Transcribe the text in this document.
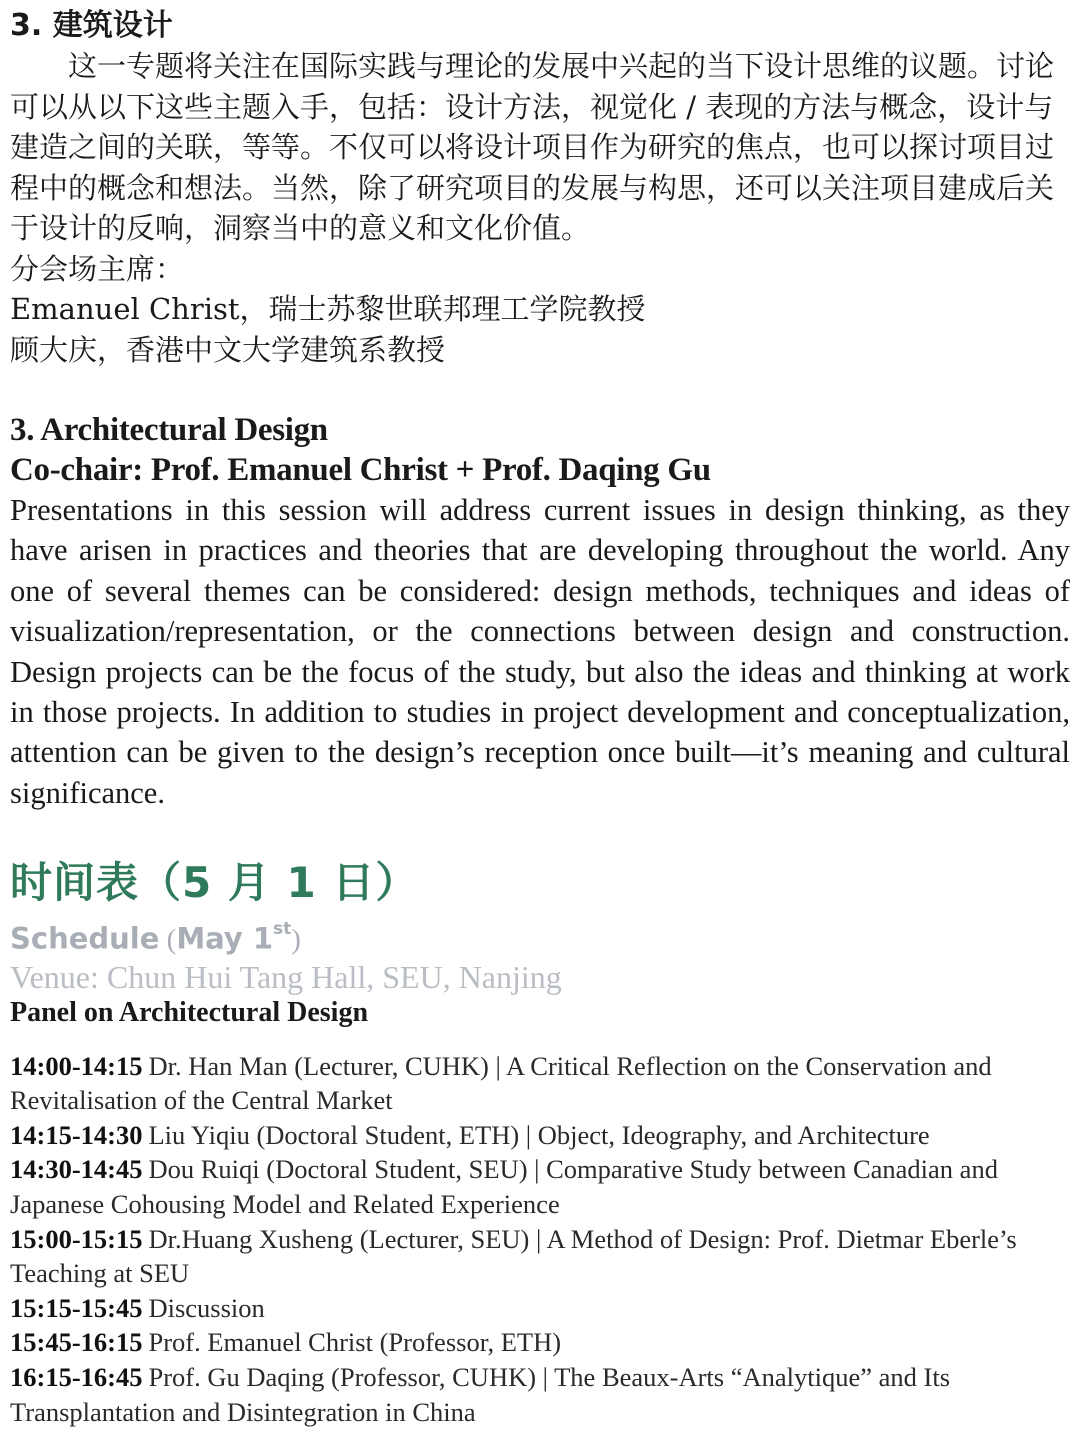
3. 建筑设计

这一专题将关注在国际实践与理论的发展中兴起的当下设计思维的议题。讨论可以从以下这些主题入手，包括：设计方法，视觉化 / 表现的方法与概念，设计与建造之间的关联，等等。不仅可以将设计项目作为研究的焦点，也可以探讨项目过程中的概念和想法。当然，除了研究项目的发展与构思，还可以关注项目建成后关于设计的反响，洞察当中的意义和文化价值。

分会场主席：

Emanuel Christ，瑞士苏黎世联邦理工学院教授

顾大庆，香港中文大学建筑系教授

3. Architectural Design

Co-chair: Prof. Emanuel Christ + Prof. Daqing Gu

Presentations in this session will address current issues in design thinking, as they have arisen in practices and theories that are developing throughout the world. Any one of several themes can be considered: design methods, techniques and ideas of visualization/representation, or the connections between design and construction. Design projects can be the focus of the study, but also the ideas and thinking at work in those projects. In addition to studies in project development and conceptualization, attention can be given to the design’s reception once built—it’s meaning and cultural significance.

时间表（5 月 1 日）

Schedule (May 1st)

Venue: Chun Hui Tang Hall, SEU, Nanjing

Panel on Architectural Design

14:00-14:15 Dr. Han Man (Lecturer, CUHK) | A Critical Reflection on the Conservation and Revitalisation of the Central Market

14:15-14:30 Liu Yiqiu (Doctoral Student, ETH) | Object, Ideography, and Architecture

14:30-14:45 Dou Ruiqi (Doctoral Student, SEU) | Comparative Study between Canadian and Japanese Cohousing Model and Related Experience

15:00-15:15 Dr.Huang Xusheng (Lecturer, SEU) | A Method of Design: Prof. Dietmar Eberle’s Teaching at SEU

15:15-15:45 Discussion

15:45-16:15 Prof. Emanuel Christ (Professor, ETH)

16:15-16:45 Prof. Gu Daqing (Professor, CUHK) | The Beaux-Arts “Analytique” and Its Transplantation and Disintegration in China
